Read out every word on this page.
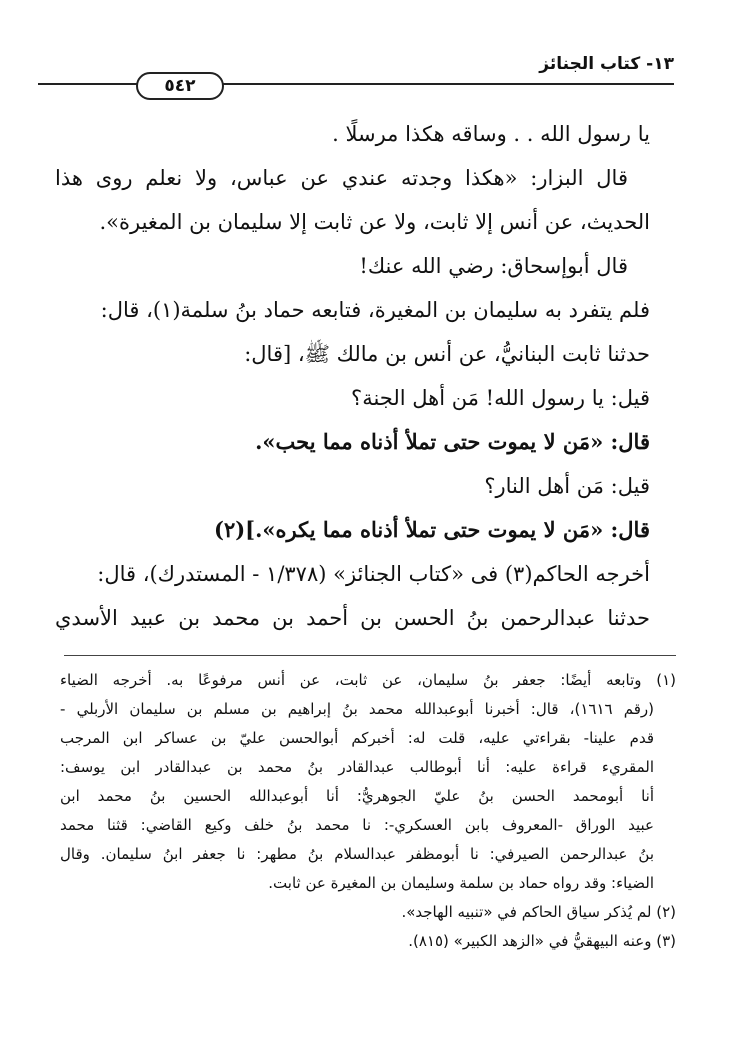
١٣- كتاب الجنائز
٥٤٢
يا رسول الله . . وساقه هكذا مرسلًا .
قال البزار: «هكذا وجدته عندي عن عباس، ولا نعلم روى هذا
الحديث، عن أنس إلا ثابت، ولا عن ثابت إلا سليمان بن المغيرة».
قال أبوإسحاق: رضي الله عنك!
فلم يتفرد به سليمان بن المغيرة، فتابعه حماد بنُ سلمة(١)، قال:
حدثنا ثابت البنانيُّ، عن أنس بن مالك ﷺ، [قال:
قيل: يا رسول الله! مَن أهل الجنة؟
قال: «مَن لا يموت حتى تملأ أذناه مما يحب».
قيل: مَن أهل النار؟
قال: «مَن لا يموت حتى تملأ أذناه مما يكره».](٢)
أخرجه الحاكم(٣) فى «كتاب الجنائز» (١/٣٧٨ - المستدرك)، قال:
حدثنا عبدالرحمن بنُ الحسن بن أحمد بن محمد بن عبيد الأسدي
(١) وتابعه أيضًا: جعفر بنُ سليمان، عن ثابت، عن أنس مرفوعًا به. أخرجه الضياء
(رقم ١٦١٦)، قال: أخبرنا أبوعبدالله محمد بنُ إبراهيم بن مسلم بن سليمان الأربلي -
قدم علينا- بقراءتي عليه، قلت له: أخبركم أبوالحسن عليّ بن عساكر ابن المرجب
المقريء قراءة عليه: أنا أبوطالب عبدالقادر بنُ محمد بن عبدالقادر ابن يوسف:
أنا أبومحمد الحسن بنُ عليّ الجوهريُّ: أنا أبوعبدالله الحسين بنُ محمد ابن
عبيد الوراق -المعروف بابن العسكري-: نا محمد بنُ خلف وكيع القاضي: قثنا محمد
بنُ عبدالرحمن الصيرفي: نا أبومظفر عبدالسلام بنُ مطهر: نا جعفر ابنُ سليمان. وقال
الضياء: وقد رواه حماد بن سلمة وسليمان بن المغيرة عن ثابت.
(٢) لم يُذكر سياق الحاكم في «تنبيه الهاجد».
(٣) وعنه البيهقيُّ في «الزهد الكبير» (٨١٥).
